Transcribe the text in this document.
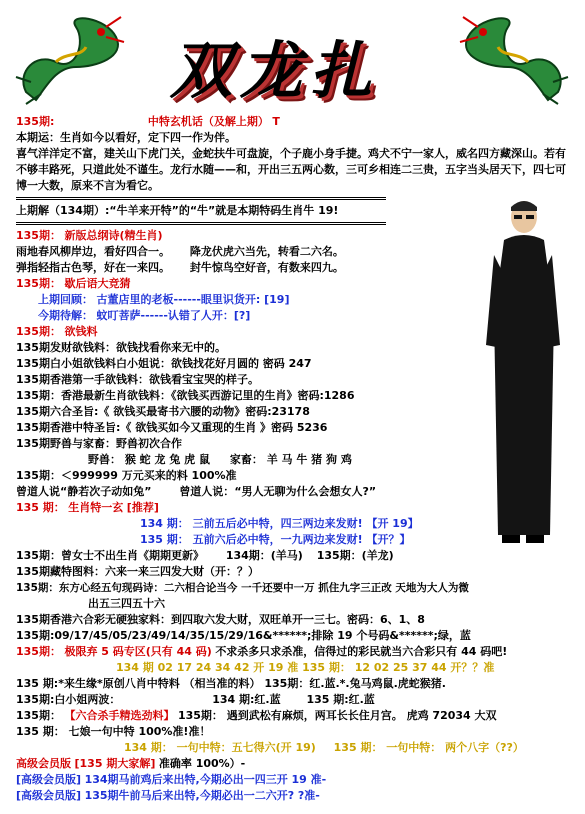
双龙扎
135期:	中特玄机话（及解上期） T
本期运：生肖如今以看好，定下四一作为伴。
喜气洋洋定不富，建关山下虎门关，金蛇扶牛可盘旋，个子鹿小身手捷。鸡犬不宁一家人，威名四方藏深山。若有不够丰路死，只道此处不谨生。龙行水随——和，开出三五两心数，三可乡相连二三贵，五字当头居天下，四七可博一大数，原来不言为看它。
上期解（134期）:“牛羊来开特”的“牛”就是本期特码生肖牛 19!
135期： 新版总纲诗(精生肖)
雨地春风柳岸边，看好四合一。 降龙伏虎六当先，转看二六名。
弹指轻指古色琴，好在一来四。 封牛惊鸟空好音，有数来四九。
135期： 歇后语大竞猜
上期回顾： 古董店里的老板------眼里识货开: [19]
今期待解： 蚊叮菩萨------认错了人开：[?]
135期： 欲钱料
135期发财欲钱料：欲钱找看你来无中的。
135期白小姐欲钱料白小姐说：欲钱找花好月圆的 密码 247
135期香港第一手欲钱料：欲钱看宝宝哭的样子。
135期：香港最新生肖欲钱料：《欲钱买西游记里的生肖》密码:1286
135期六合圣旨:《 欲钱买最寄书六腰的动物》密码:23178
135期香港中特圣旨:《 欲钱买如今又重现的生肖 》密码 5236
135期野兽与家畜：野兽初次合作
野兽： 猴 蛇 龙 兔 虎 鼠 家畜： 羊 马 牛 猪 狗 鸡
135期：＜999999 万元买来的料 100%准
曾道人说“静若次子动如兔”	曾道人说：“男人无聊为什么会想女人?”
135 期： 生肖特一玄 [推荐]
134 期： 三前五后必中特，四三两边来发财! 【开 19】
135 期： 五前六后必中特，一九两边来发财! 【开？】
135期：曾女士不出生肖《期期更新》 134期：(羊马) 135期：(羊龙)
135期藏特图料：六来一来三四发大财（开：？）
135期：东方心经五句现码诗：二六相合论当今 一千还要中一万 抓住九字三正改 天地为大人为微
出五三四五十六
135期香港六合彩无硬独家料：到四取六发大财，双旺单开一三七。密码：6、1、8
135期:09/17/45/05/23/49/14/35/15/29/16&******;排除 19 个号码&******;绿，蓝
135期： 极限弃 5 码专区(只有 44 码) 不求杀多只求杀准，信得过的彩民就当六合彩只有 44 码吧!
134 期 02 17 24 34 42 开 19 准 135 期： 12 02 25 37 44 开？？准
135 期:*来生缘*原创八肖中特料 （相当准的料） 135期：红.蓝.*.兔马鸡鼠.虎蛇猴猪.
135期:白小姐两波：	134 期:红.蓝 135 期:红.蓝
135期： 【六合杀手精选劲料】 135期： 遇到武松有麻烦，两耳长长住月宫。 虎鸡 72034 大双
135 期： 七娘一句中特 100%准!准！
134 期： 一句中特：五七得六(开 19) 135 期： 一句中特： 两个八字（??）
高级会员版 [135 期大家解] 准确率 100%）-
[高级会员版] 134期马前鸡后来出特,今期必出一四三开 19 准-
[高级会员版] 135期牛前马后来出特,今期必出一二六开? ?准-
